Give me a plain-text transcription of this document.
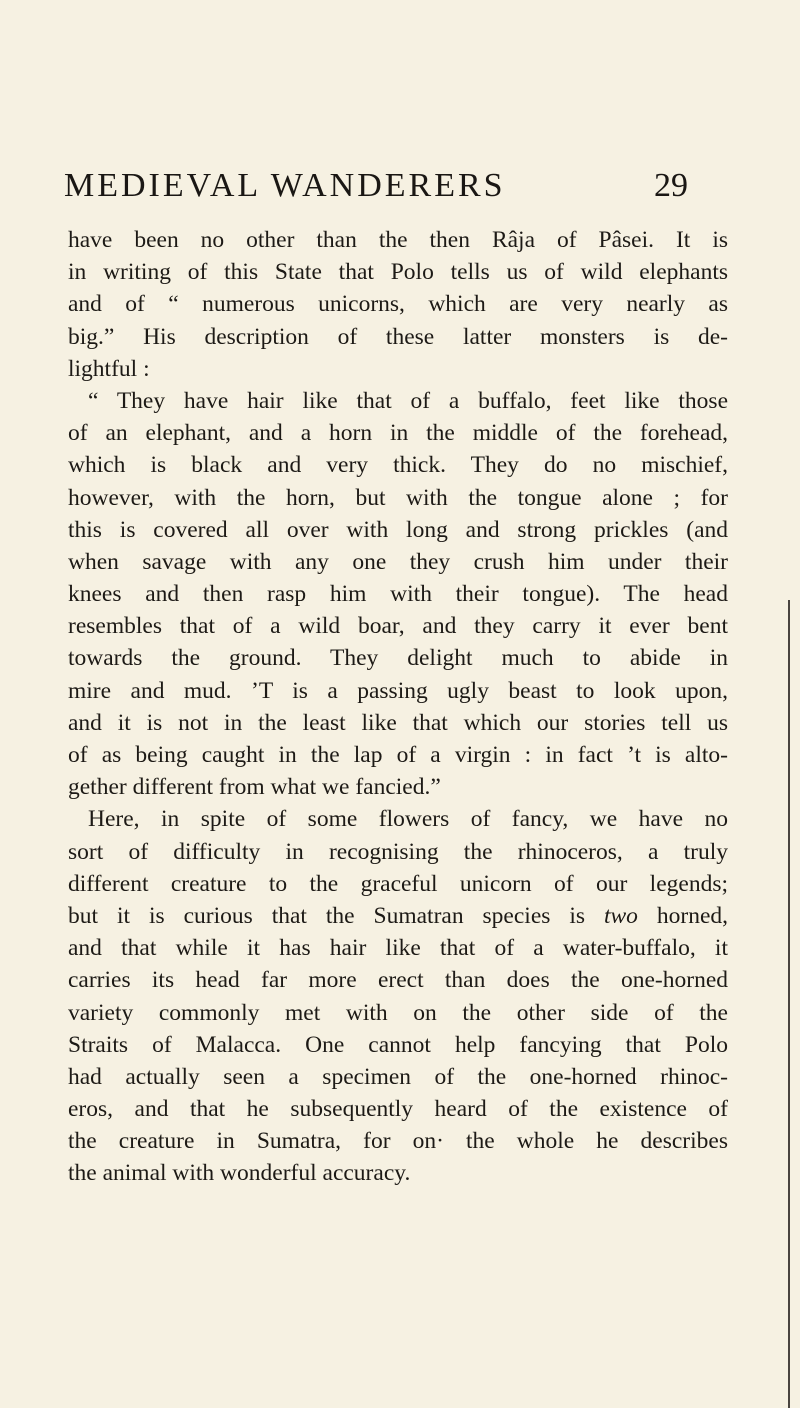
MEDIEVAL WANDERERS	29
have been no other than the then Râja of Pâsei. It is
in writing of this State that Polo tells us of wild elephants
and of “ numerous unicorns, which are very nearly as
big.” His description of these latter monsters is de-
lightful :
“ They have hair like that of a buffalo, feet like those
of an elephant, and a horn in the middle of the forehead,
which is black and very thick. They do no mischief,
however, with the horn, but with the tongue alone ; for
this is covered all over with long and strong prickles (and
when savage with any one they crush him under their
knees and then rasp him with their tongue). The head
resembles that of a wild boar, and they carry it ever bent
towards the ground. They delight much to abide in
mire and mud. ’T is a passing ugly beast to look upon,
and it is not in the least like that which our stories tell us
of as being caught in the lap of a virgin : in fact ’t is alto-
gether different from what we fancied.”
Here, in spite of some flowers of fancy, we have no
sort of difficulty in recognising the rhinoceros, a truly
different creature to the graceful unicorn of our legends;
but it is curious that the Sumatran species is two horned,
and that while it has hair like that of a water-buffalo, it
carries its head far more erect than does the one-horned
variety commonly met with on the other side of the
Straits of Malacca. One cannot help fancying that Polo
had actually seen a specimen of the one-horned rhinoc-
eros, and that he subsequently heard of the existence of
the creature in Sumatra, for on· the whole he describes
the animal with wonderful accuracy.
